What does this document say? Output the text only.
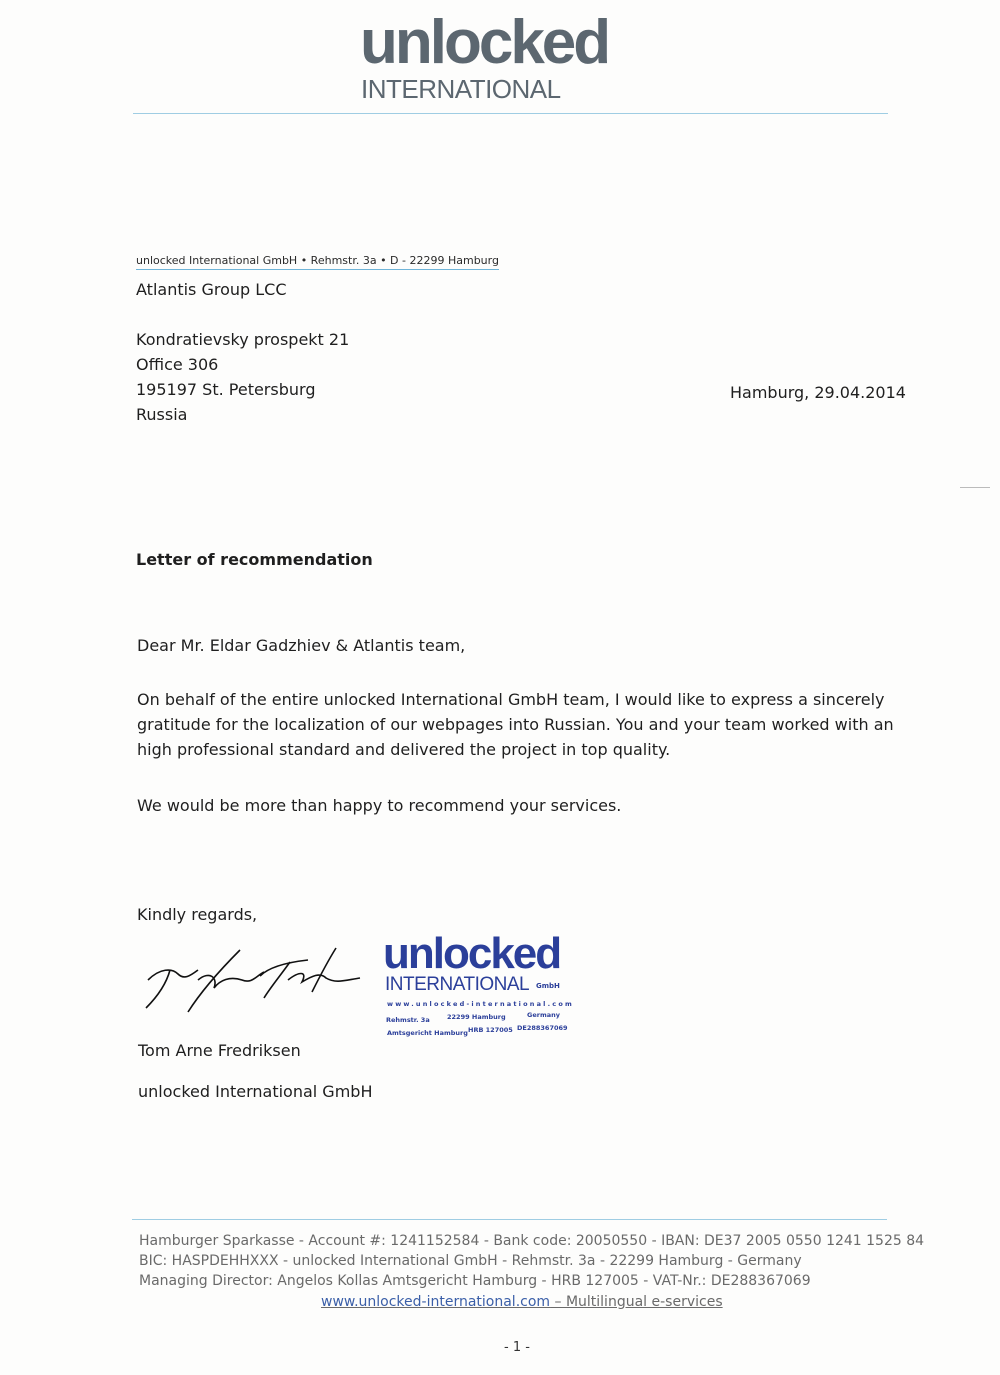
unlocked
INTERNATIONAL
unlocked International GmbH • Rehmstr. 3a • D - 22299 Hamburg
Atlantis Group LCC
Kondratievsky prospekt 21
Office 306
195197 St. Petersburg
Russia
Hamburg, 29.04.2014
Letter of recommendation
Dear Mr. Eldar Gadzhiev & Atlantis team,
On behalf of the entire unlocked International GmbH team, I would like to express a sincerely gratitude for the localization of our webpages into Russian. You and your team worked with an high professional standard and delivered the project in top quality.
We would be more than happy to recommend your services.
Kindly regards,
unlocked
INTERNATIONAL GmbH
www.unlocked-international.com
Rehmstr. 3a	22299 Hamburg	Germany
Amtsgericht Hamburg HRB 127005 DE288367069
Tom Arne Fredriksen
unlocked International GmbH
Hamburger Sparkasse - Account #: 1241152584 - Bank code: 20050550 - IBAN: DE37 2005 0550 1241 1525 84
BIC: HASPDEHHXXX - unlocked International GmbH - Rehmstr. 3a - 22299 Hamburg - Germany
Managing Director: Angelos Kollas Amtsgericht Hamburg - HRB 127005 - VAT-Nr.: DE288367069
www.unlocked-international.com – Multilingual e-services
- 1 -
